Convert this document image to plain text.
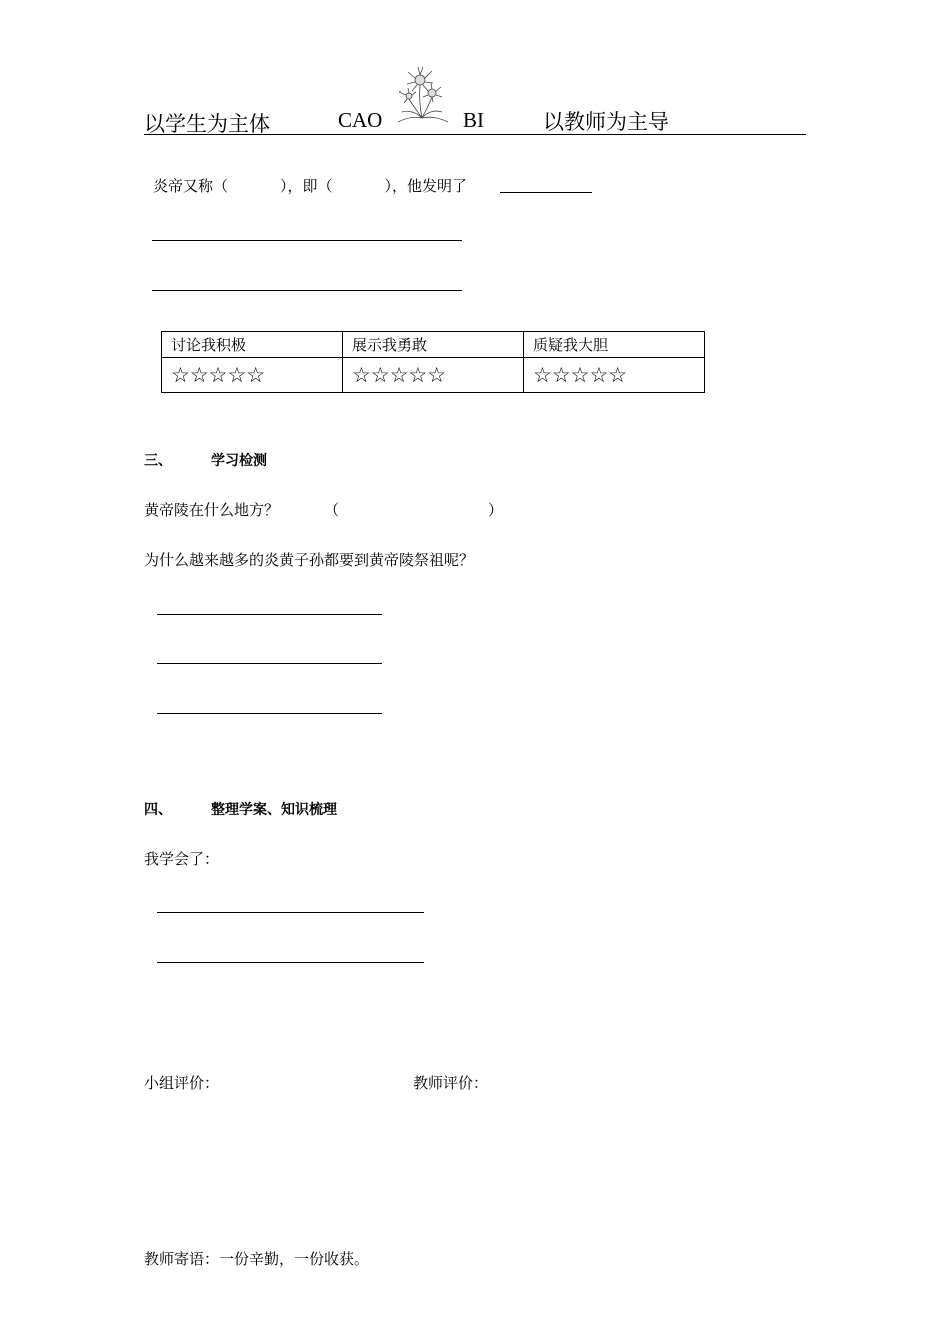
以学生为主体	CAO	BI	以教师为主导
炎帝又称（	），即（	），他发明了
讨论我积极	展示我勇敢	质疑我大胆
☆☆☆☆☆	☆☆☆☆☆	☆☆☆☆☆
三、	学习检测
黄帝陵在什么地方？	（	）
为什么越来越多的炎黄子孙都要到黄帝陵祭祖呢？
四、	整理学案、知识梳理
我学会了：
小组评价：	教师评价：
教师寄语：一份辛勤，一份收获。
